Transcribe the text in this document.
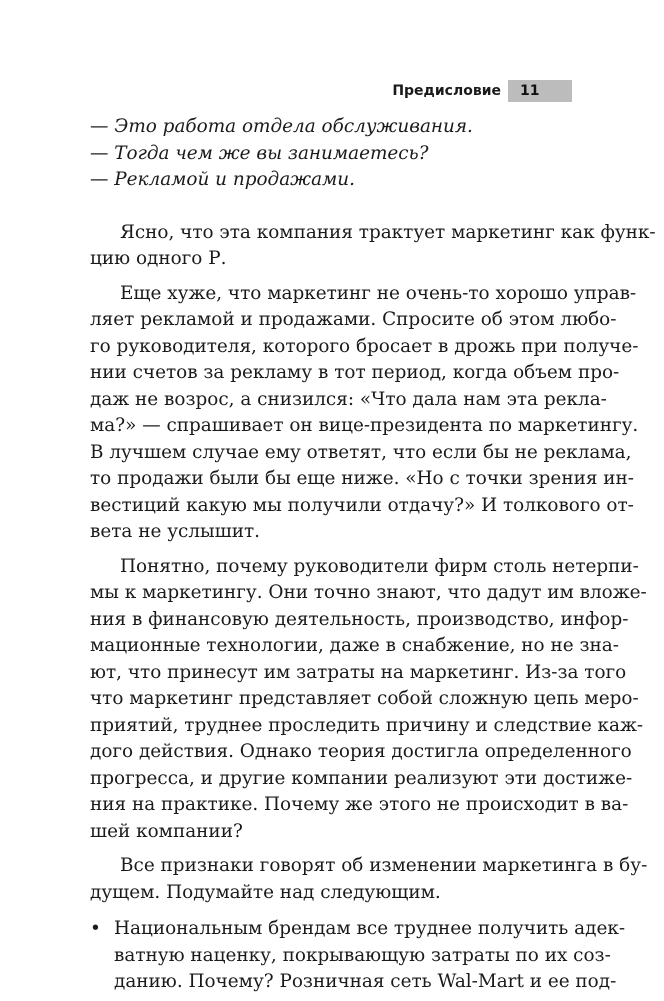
Предисловие 11
— Это работа отдела обслуживания.
— Тогда чем же вы занимаетесь?
— Рекламой и продажами.
Ясно, что эта компания трактует маркетинг как функ-
цию одного Р.
Еще хуже, что маркетинг не очень-то хорошо управ-
ляет рекламой и продажами. Спросите об этом любо-
го руководителя, которого бросает в дрожь при получе-
нии счетов за рекламу в тот период, когда объем про-
даж не возрос, а снизился: «Что дала нам эта рекла-
ма?» — спрашивает он вице-президента по маркетингу.
В лучшем случае ему ответят, что если бы не реклама,
то продажи были бы еще ниже. «Но с точки зрения ин-
вестиций какую мы получили отдачу?» И толкового от-
вета не услышит.
Понятно, почему руководители фирм столь нетерпи-
мы к маркетингу. Они точно знают, что дадут им вложе-
ния в финансовую деятельность, производство, инфор-
мационные технологии, даже в снабжение, но не зна-
ют, что принесут им затраты на маркетинг. Из-за того
что маркетинг представляет собой сложную цепь меро-
приятий, труднее проследить причину и следствие каж-
дого действия. Однако теория достигла определенного
прогресса, и другие компании реализуют эти достиже-
ния на практике. Почему же этого не происходит в ва-
шей компании?
Все признаки говорят об изменении маркетинга в бу-
дущем. Подумайте над следующим.
• Национальным брендам все труднее получить адек-
ватную наценку, покрывающую затраты по их соз-
данию. Почему? Розничная сеть Wal-Mart и ее под-
